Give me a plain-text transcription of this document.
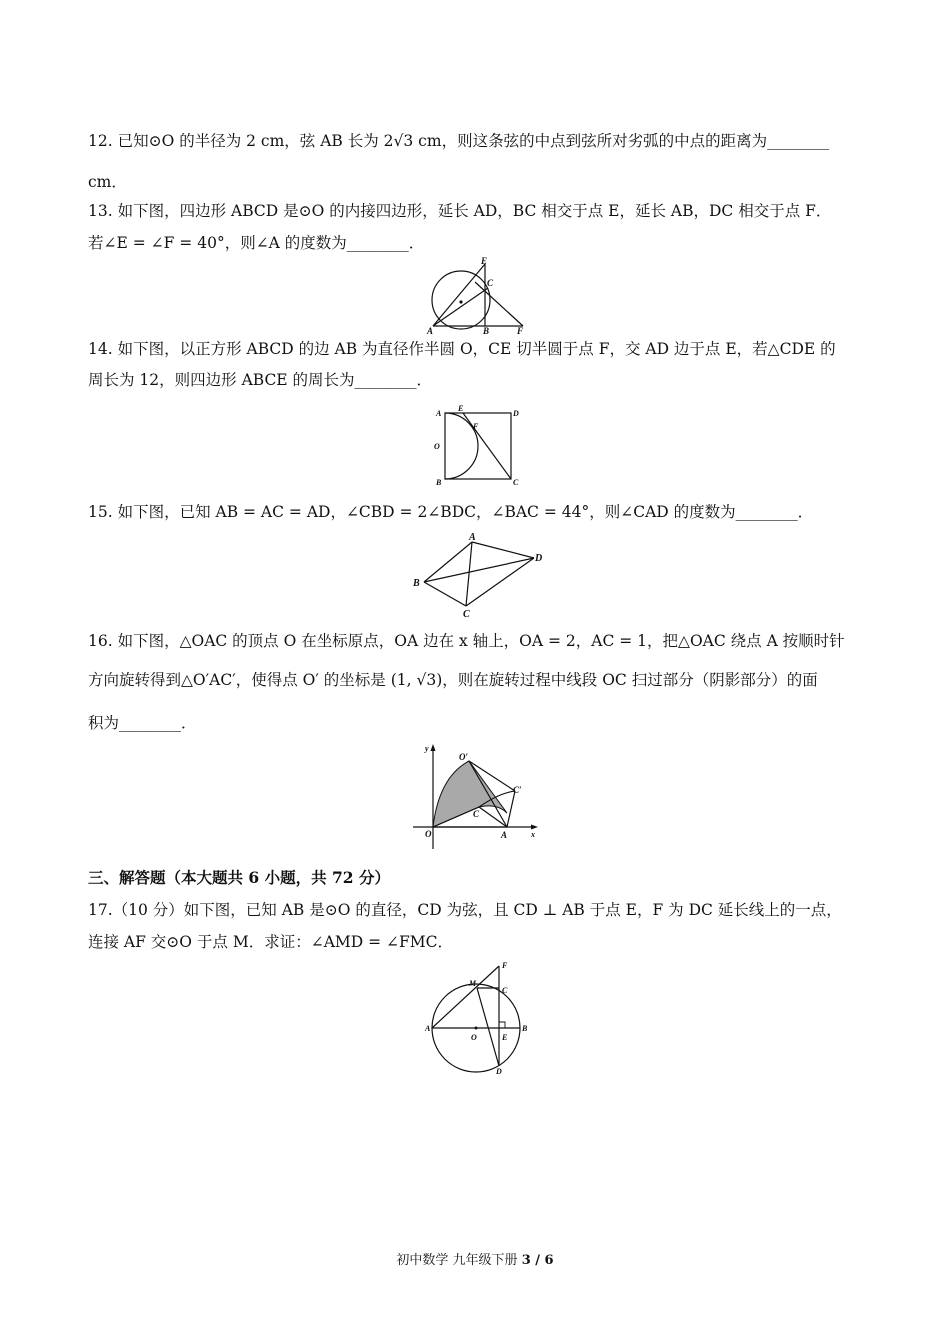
12. 已知⊙O 的半径为 2 cm，弦 AB 长为 2√3 cm，则这条弦的中点到弦所对劣弧的中点的距离为________
cm．
13. 如下图，四边形 ABCD 是⊙O 的内接四边形，延长 AD，BC 相交于点 E，延长 AB，DC 相交于点 F．
若∠E = ∠F = 40°，则∠A 的度数为________．
A	B	F
E
C
14. 如下图，以正方形 ABCD 的边 AB 为直径作半圆 O，CE 切半圆于点 F，交 AD 边于点 E，若△CDE 的
周长为 12，则四边形 ABCE 的周长为________．
A
E
D
F
O
B	C
15. 如下图，已知 AB = AC = AD，∠CBD = 2∠BDC，∠BAC = 44°，则∠CAD 的度数为________．
A
D
B
C
16. 如下图，△OAC 的顶点 O 在坐标原点，OA 边在 x 轴上，OA = 2，AC = 1，把△OAC 绕点 A 按顺时针
方向旋转得到△O′AC′，使得点 O′ 的坐标是 (1, √3)，则在旋转过程中线段 OC 扫过部分（阴影部分）的面
积为________．
y
x
O	A
C
O′
C′
三、解答题（本大题共 6 小题，共 72 分）
17.（10 分）如下图，已知 AB 是⊙O 的直径，CD 为弦，且 CD ⊥ AB 于点 E，F 为 DC 延长线上的一点，
连接 AF 交⊙O 于点 M．求证：∠AMD = ∠FMC．
F
M
C
A	B
O	E
D
初中数学 九年级下册 3 / 6
